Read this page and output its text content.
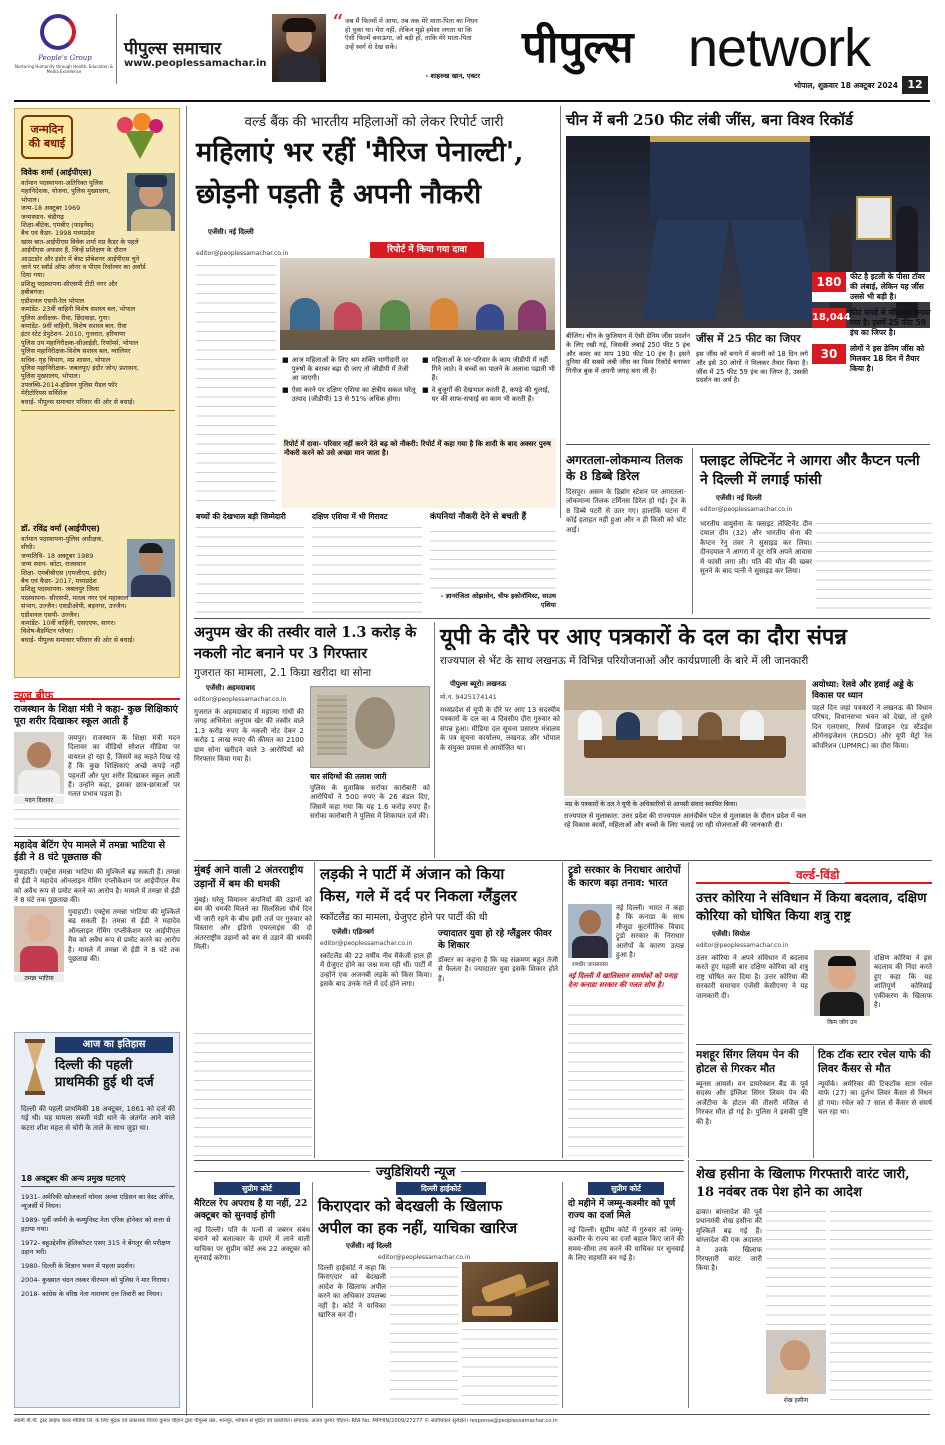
People's Group
Nurturing Humanity through Health, Education & Media Excellence
पीपुल्स समाचार
www.peoplessamachar.in
“ जब मैं फिल्मों में आया, तब तक मेरे माता-पिता का निधन हो चुका था। मेरा नहीं, लेकिन मुझे हमेशा लगता था कि ऐसी फिल्में बनाऊंगा, जो बड़ी हों, ताकि मेरे माता-पिता उन्हें स्वर्ग से देख सकें।
- शाहरुख खान, एक्टर
पीपुल्स network
भोपाल, शुक्रवार 18 अक्टूबर 2024 12
जन्मदिन की बधाई
विवेक शर्मा (आईपीएस)
वर्तमान पदस्थापना-अतिरिक्त पुलिस
महानिदेशक, योजना, पुलिस मुख्यालय,
भोपाल।
जन्म-18 अक्टूबर 1969
जन्मस्थान- चंडीगढ़
शिक्षा-बीटेक, एमबीए (फाइनेंस)
बैच एवं कैडर- 1998 मध्यप्रदेश
खास बात-आईपीएस विवेक शर्मा मप्र कैडर के पहले
आईपीएस अफसर हैं, जिन्हें प्रशिक्षण के दौरान
आउटडोर और इंडोर में बेस्ट प्रोबेशनर आईपीएस चुने
जाने पर स्वॉर्ड ऑफ ऑनर व पीएम रिवॉल्वर का अवॉर्ड
दिया गया।
प्रशिक्षु पदस्थापना-सीएसपी टीटी नगर और
हबीबगंज।
एडीशनल एसपी-रेल भोपाल
कमांडेंट- 23वीं वाहिनी विशेष सशस्त्र बल, भोपाल
पुलिस अधीक्षक- रीवा, छिंदवाड़ा, गुना।
कमांडेंट- 9वीं वाहिनी, विशेष सशस्त्र बल, रीवा
इंटर स्टेट डेपुटेशन- 2010, गुजरात, हरियाणा
पुलिस उप महानिरीक्षक-सीआईडी, रिफॉर्म्स, भोपाल
पुलिस महानिरीक्षक-विशेष सशस्त्र बल, ग्वालियर
सचिव- गृह विभाग, मप्र शासन, भोपाल
पुलिस महानिरीक्षक- जबलपुर/ इंदौर जोन/ प्रशासन,
पुलिस मुख्यालय, भोपाल।
उपलब्धि-2014-इंडियन पुलिस मैडल फॉर
मेरीटोरियस सर्विसेज
बधाई- पीपुल्स समाचार परिवार की ओर से बधाई।
डॉ. रविंद्र वर्मा (आईपीएस)
वर्तमान पदस्थापना-पुलिस अधीक्षक,
सीधी।
जन्मतिथि- 18 अक्टूबर 1989
जन्म स्थान- कोटा, राजस्थान
शिक्षा- एमबीबीएस (एमजीएम, इंदौर)
बैच एवं कैडर- 2017, मध्यप्रदेश
प्रशिक्षु पदस्थापना- जबलपुर जिला
पदस्थापना- सीएसपी, माधव नगर एवं महाकाल
संभाग, उज्जैन। एसडीओपी, बड़नगर, उज्जैन।
एडीशनल एसपी- उज्जैन।
कमांडेंट- 10वीं वाहिनी, एसएएफ, सागर।
विशेष-बैडमिंटन प्लेयर।
बधाई- पीपुल्स समाचार परिवार की ओर से बधाई।
न्यूज ब्रीफ
राजस्थान के शिक्षा मंत्री ने कहा- कुछ शिक्षिकाएं पूरा शरीर दिखाकर स्कूल आती हैं
मदन दिलावर
जयपुर। राजस्थान के शिक्षा मंत्री मदन दिलावर का वीडियो सोशल मीडिया पर वायरल हो रहा है, जिसमें वह कहते दिख रहे हैं कि कुछ शिक्षिकाएं अच्छे कपड़े नहीं पहनतीं और पूरा शरीर दिखाकर स्कूल आती हैं। उन्होंने कहा, इसका छात्र-छात्राओं पर गलत प्रभाव पड़ता है।
महादेव बेटिंग ऐप मामले में तमन्ना भाटिया से ईडी ने 8 घंटे पूछताछ की
तमन्ना भाटिया
गुवाहाटी। एक्ट्रेस तमन्ना भाटिया की मुश्किलें बढ़ सकती हैं। तमन्ना से ईडी ने महादेव ऑनलाइन गेमिंग एप्लीकेशन पर आईपीएल मैच को अवैध रूप से प्रमोट करने का आरोप है। मामले में तमन्ना से ईडी ने 8 घंटे तक पूछताछ की।
गुवाहाटी। एक्ट्रेस तमन्ना भाटिया की मुश्किलें बढ़ सकती हैं। तमन्ना से ईडी ने महादेव ऑनलाइन गेमिंग एप्लीकेशन पर आईपीएल मैच को अवैध रूप से प्रमोट करने का आरोप है। मामले में तमन्ना से ईडी ने 8 घंटे तक पूछताछ की।
आज का इतिहास
दिल्ली की पहली प्राथमिकी हुई थी दर्ज
दिल्ली की पहली प्राथमिकी 18 अक्टूबर, 1861 को दर्ज की गई थी। यह मामला सब्जी मंडी थाने के अंतर्गत आने वाले कटरा शीश महल से चोरी के ताले के साथ जुड़ा था।
18 अक्टूबर की अन्य प्रमुख घटनाएं
1931- अमेरिकी खोजकर्ता थॉमस अल्वा एडिसन का वेस्ट ऑरेंज, न्यूजर्सी में निधन।
1989- पूर्वी जर्मनी के कम्युनिस्ट नेता एरिक होनेकर को सत्ता से हटाया गया।
1972- बहुउद्देशीय हेलिकॉप्टर एसए 315 ने बेंगलूर की परीक्षण उड़ान भरी।
1980- दिल्ली के विज्ञान भवन में पहला प्रदर्शन।
2004- कुख्यात चंदन तस्कर वीरप्पन को पुलिस ने मार गिराया।
2018- कांग्रेस के वरिष्ठ नेता नारायण दत्त तिवारी का निधन।
वर्ल्ड बैंक की भारतीय महिलाओं को लेकर रिपोर्ट जारी
महिलाएं भर रहीं 'मैरिज पेनाल्टी',
छोड़नी पड़ती है अपनी नौकरी
एजेंसी। नई दिल्ली
editor@peoplessamachar.co.in	रिपोर्ट में किया गया दावा
■ आज महिलाओं के लिए श्रम शक्ति भागीदारी दर पुरुषों के बराबर बढ़ा दी जाए तो जीडीपी में तेजी आ जाएगी।
■ ऐसा करने पर दक्षिण एशिया का क्षेत्रीय सकल घरेलू उत्पाद (जीडीपी) 13 से 51% अधिक होगा।
■ महिलाओं के घर-परिवार के काम जीडीपी में नहीं गिने जाते। वे बच्चों का पालने के अलावा पढ़ाती भी हैं।
■ वे बुजुर्गों की देखभाल करती हैं, कपड़े की धुलाई, घर की साफ-सफाई का काम भी करती हैं।
रिपोर्ट में दावा- परिवार नहीं करने देते बढ़ को नौकरी: रिपोर्ट में कहा गया है कि शादी के बाद अक्सर पुरुष नौकरी करने को उसे अच्छा मान जाता है।
बच्चों की देखभाल बड़ी जिम्मेदारी	दक्षिण एशिया में भी गिरावट	कंपनियां नौकरी देने से बचती हैं
- ज्ञानरंजिता ओझासेन, चीफ इकोनॉमिस्ट, साउथ एशिया
चीन में बनी 250 फीट लंबी जींस, बना विश्व रिकॉर्ड
बीजिंग। चीन के फुजियान में ऐसी डेनिम जींस प्रदर्शन के लिए रखी गई, जिसकी लंबाई 250 फीट 5 इंच और कमर का माप 190 फीट 10 इंच है। इसने दुनिया की सबसे लंबी जींस का विश्व रिकॉर्ड बनाकर गिनीज बुक में अपनी जगह बना ली है।
जींस में 25 फीट का जिपर
इस जींस को बनाने में कंपनी को 18 दिन लगे और इसे 30 लोगों ने मिलकर तैयार किया है। जींस में 25 फीट 59 इंच का जिपर है, उसकी प्रदर्शन का अर्थ है।
180	फीट है इटली के पीसा टॉवर की लंबाई, लेकिन यह जींस उससे भी बड़ी है।
18,044 फीट कपड़े से जींस को बनाया गया है। इसमें 25 फीट 59 इंच का जिपर है।
30	लोगों ने इस डेनिम जींस को मिलकर 18 दिन में तैयार किया है।
अगरतला-लोकमान्य तिलक के 8 डिब्बे डिरेल
दिसपुर। असम के डिब्रांग स्टेशन पर अगरतला-लोकमान्य तिलक टर्मिनस डिरेल हो गई। ट्रेन के 8 डिब्बे पटरी से उतर गए। हालांकि घटना में कोई हताहत नहीं हुआ और न ही किसी को चोट आई।
फ्लाइट लेफ्टिनेंट ने आगरा और कैप्टन पत्नी ने दिल्ली में लगाई फांसी
एजेंसी। नई दिल्ली
editor@peoplessamachar.co.in
भारतीय वायुसेना के फ्लाइट लेफ्टिनेंट दीन दयाल दीप (32) और भारतीय सेना की कैप्टन रेनु तंवर ने सुसाइड कर लिया। दीनदयाल ने आगरा में दूर रात्रि अपने आवास में फांसी लगा ली। पति की मौत की खबर सुनने के बाद पत्नी ने सुसाइड कर लिया।
अनुपम खेर की तस्वीर वाले 1.3 करोड़ के नकली नोट बनाने पर 3 गिरफ्तार
गुजरात का मामला, 2.1 किग्रा खरीदा था सोना
एजेंसी। अहमदाबाद
editor@peoplessamachar.co.in
गुजरात के अहमदाबाद में महात्मा गांधी की जगह अभिनेता अनुपम खेर की तस्वीर वाले 1.3 करोड़ रुपए के नकली नोट देकर 2 करोड़ 1 लाख रुपए की कीमत का 2100 ग्राम सोना खरीदने वाले 3 आरोपियों को गिरफ्तार किया गया है।
चार संदिग्धों की तलाश जारी
पुलिस के मुताबिक सर्राफा कारोबारी को आरोपियों ने 500 रुपए के 26 बंडल दिए, जिसमें कहा गया कि यह 1.6 करोड़ रुपए हैं। सर्राफा कारोबारी ने पुलिस में शिकायत दर्ज की।
मुंबई आने वाली 2 अंतरराष्ट्रीय
उड़ानों में बम की धमकी
मुंबई। घरेलू विमानन कंपनियों की उड़ानों को बम की धमकी मिलने का सिलसिला चौथे दिन भी जारी रहने के बीच इसी तर्ज पर गुरुवार को विस्तारा और इंडिगो एयरलाइंस की दो अंतरराष्ट्रीय उड़ानों को बम से उड़ाने की धमकी मिली।
यूपी के दौरे पर आए पत्रकारों के दल का दौरा संपन्न
राज्यपाल से भेंट के साथ लखनऊ में विभिन्न परियोजनाओं और कार्यप्रणाली के बारे में ली जानकारी
पीपुल्स ब्यूरो। लखनऊ
मो.नं. 9425174141
मध्यप्रदेश से यूपी के दौरे पर आए 13 सदस्यीय पत्रकारों के दल का 4 दिवसीय दौरा गुरुवार को संपन्न हुआ। मीडिया दल सूचना प्रसारण मंत्रालय के पत्र सूचना कार्यालय, लखनऊ और भोपाल के संयुक्त प्रयास से आयोजित था।
मप्र के पत्रकारों के दल ने यूपी के अधिकारियों से आपसी संवाद स्थापित किया।
राज्यपाल से मुलाकात: उत्तर प्रदेश की राज्यपाल आनंदीबेन पटेल से मुलाकात के दौरान प्रदेश में चल रहे विकास कार्यों, महिलाओं और बच्चों के लिए चलाई जा रही योजनाओं की जानकारी दी।
अयोध्या: रेलवे और हवाई अड्डे के विकास पर ध्यान
पहले दिन जहां पत्रकारों ने लखनऊ की विधान परिषद, विधानसभा भवन को देखा, तो दूसरे दिन एलएसए, रिसर्च डिजाइन एंड स्टैंडर्ड्स ऑर्गनाइजेशन (RDSO) और यूपी मेट्रो रेल कॉर्पोरेशन (UPMRC) का दौरा किया।
लड़की ने पार्टी में अंजान को किया
किस, गले में दर्द पर निकला ग्लैंडुलर
स्कॉटलैंड का मामला, ग्रेजुएट होने पर पार्टी की थी
एजेंसी। एडिनबर्ग
editor@peoplessamachar.co.in
स्कॉटलैंड की 22 वर्षीय नीव मैकेंजी हाल ही में ग्रेजुएट होने का जश्न मना रही थीं। पार्टी में उन्होंने एक अजनबी लड़के को किस किया। इसके बाद उनके गले में दर्द होने लगा।
ज्यादातर युवा हो रहे ग्लैंडुलर फीवर के शिकार
डॉक्टर का कहना है कि यह संक्रमण बहुत तेजी से फैलता है। ज्यादातर युवा इसके शिकार होते हैं।
ट्रूडो सरकार के निराधार आरोपों के कारण बढ़ा तनाव: भारत
रणधीर जायसवाल
नई दिल्ली। भारत ने कहा है कि कनाडा के साथ मौजूदा कूटनीतिक विवाद ट्रूडो सरकार के निराधार आरोपों के कारण उत्पन्न हुआ है।
नई दिल्ली में खालिस्तान समर्थकों को पनाह देना कनाडा सरकार की गलत सोच है।
वर्ल्ड-विंडो
उत्तर कोरिया ने संविधान में किया बदलाव, दक्षिण कोरिया को घोषित किया शत्रु राष्ट्र
एजेंसी। सियोल
editor@peoplessamachar.co.in
उत्तर कोरिया ने अपने संविधान में बदलाव करते हुए पहली बार दक्षिण कोरिया को शत्रु राष्ट्र घोषित कर दिया है। उत्तर कोरिया की सरकारी समाचार एजेंसी केसीएनए ने यह जानकारी दी।
किम जोंग उन
दक्षिण कोरिया ने इस बदलाव की निंदा करते हुए कहा कि यह शांतिपूर्ण कोरियाई एकीकरण के खिलाफ है।
मशहूर सिंगर लियम पेन की होटल से गिरकर मौत
ब्यूनस आयर्स। वन डायरेक्शन बैंड के पूर्व सदस्य और इंग्लिश सिंगर लियम पेन की अर्जेंटीना के होटल की तीसरी मंजिल से गिरकर मौत हो गई है। पुलिस ने इसकी पुष्टि की है।
टिक टॉक स्टार रचेल याफे की लिवर कैंसर से मौत
न्यूयॉर्क। अमेरिका की टिकटॉक स्टार रचेल याफे (27) का दुर्लभ लिवर कैंसर से निधन हो गया। रचेल को 7 साल से कैंसर से संघर्ष चल रहा था।
ज्युडिशियरी न्यूज
सुप्रीम कोर्ट
मैरिटल रेप अपराध है या नहीं, 22 अक्टूबर को सुनवाई होगी
नई दिल्ली। पति के पत्नी से जबरन संबंध बनाने को बलात्कार के दायरे में लाने वाली याचिका पर सुप्रीम कोर्ट अब 22 अक्टूबर को सुनवाई करेगा।
दिल्ली हाईकोर्ट
किराएदार को बेदखली के खिलाफ
अपील का हक नहीं, याचिका खारिज
एजेंसी। नई दिल्ली
editor@peoplessamachar.co.in
दिल्ली हाईकोर्ट ने कहा कि किराएदार को बेदखली आदेश के खिलाफ अपील करने का अधिकार उपलब्ध नहीं है। कोर्ट ने याचिका खारिज कर दी।
सुप्रीम कोर्ट
दो महीने में जम्मू-कश्मीर को पूर्ण राज्य का दर्जा मिले
नई दिल्ली। सुप्रीम कोर्ट में गुरुवार को जम्मू-कश्मीर के राज्य का दर्जा बहाल किए जाने की समय-सीमा तय करने की याचिका पर सुनवाई के लिए सहमति बन गई है।
शेख हसीना के खिलाफ गिरफ्तारी वारंट जारी, 18 नवंबर तक पेश होने का आदेश
ढाका। बांग्लादेश की पूर्व प्रधानमंत्री शेख हसीना की मुश्किलें बढ़ गई हैं। बांग्लादेश की एक अदालत ने उनके खिलाफ गिरफ्तारी वारंट जारी किया है।
शेख हसीना
स्वामी पी.पी. ट्रस्ट लाइफ केयर मीडिया लि. के लिए मुद्रक एवं प्रकाशक विजय कुमार चौहान द्वारा पीपुल्स प्रेस, भानपुर, भोपाल से मुद्रित एवं प्रकाशित। संपादक: अजय कुमार चौहान। RNI No. MPHIN/2009/27277 © सर्वाधिकार सुरक्षित। response@peoplessamachar.co.in
